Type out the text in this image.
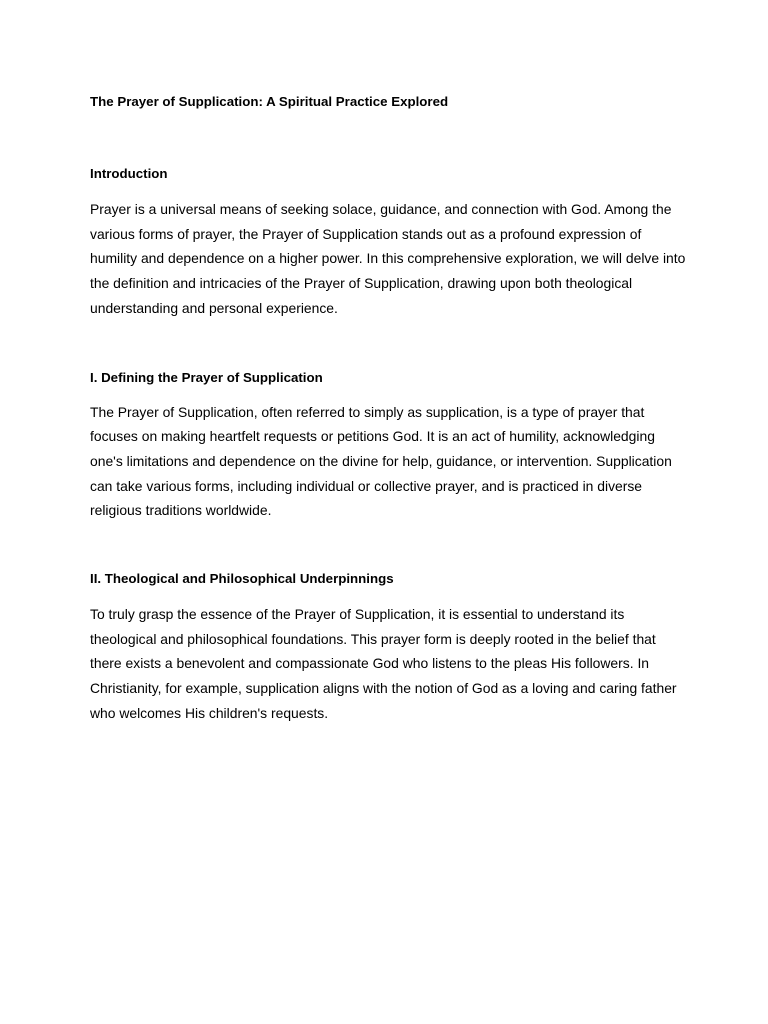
The Prayer of Supplication: A Spiritual Practice Explored
Introduction

Prayer is a universal means of seeking solace, guidance, and connection with God. Among the various forms of prayer, the Prayer of Supplication stands out as a profound expression of humility and dependence on a higher power. In this comprehensive exploration, we will delve into the definition and intricacies of the Prayer of Supplication, drawing upon both theological understanding and personal experience.

I. Defining the Prayer of Supplication

The Prayer of Supplication, often referred to simply as supplication, is a type of prayer that focuses on making heartfelt requests or petitions God. It is an act of humility, acknowledging one's limitations and dependence on the divine for help, guidance, or intervention. Supplication can take various forms, including individual or collective prayer, and is practiced in diverse religious traditions worldwide.

II. Theological and Philosophical Underpinnings

To truly grasp the essence of the Prayer of Supplication, it is essential to understand its theological and philosophical foundations. This prayer form is deeply rooted in the belief that there exists a benevolent and compassionate God who listens to the pleas His followers. In Christianity, for example, supplication aligns with the notion of God as a loving and caring father who welcomes His children's requests.
